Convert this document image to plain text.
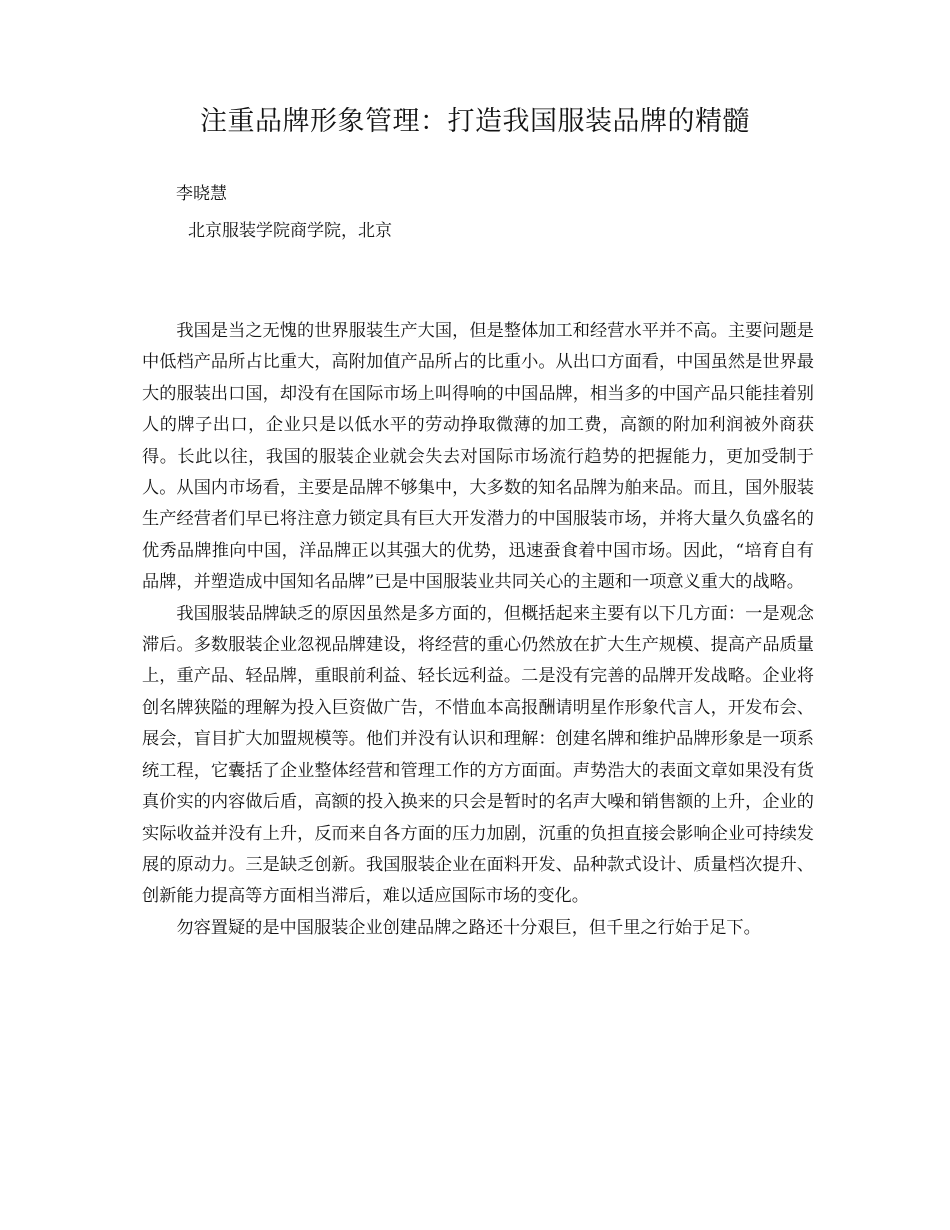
注重品牌形象管理：打造我国服装品牌的精髓

李晓慧

北京服装学院商学院，北京

我国是当之无愧的世界服装生产大国，但是整体加工和经营水平并不高。主要问题是中低档产品所占比重大，高附加值产品所占的比重小。从出口方面看，中国虽然是世界最大的服装出口国，却没有在国际市场上叫得响的中国品牌，相当多的中国产品只能挂着别人的牌子出口，企业只是以低水平的劳动挣取微薄的加工费，高额的附加利润被外商获得。长此以往，我国的服装企业就会失去对国际市场流行趋势的把握能力，更加受制于人。从国内市场看，主要是品牌不够集中，大多数的知名品牌为舶来品。而且，国外服装生产经营者们早已将注意力锁定具有巨大开发潜力的中国服装市场，并将大量久负盛名的优秀品牌推向中国，洋品牌正以其强大的优势，迅速蚕食着中国市场。因此，“培育自有品牌，并塑造成中国知名品牌”已是中国服装业共同关心的主题和一项意义重大的战略。

我国服装品牌缺乏的原因虽然是多方面的，但概括起来主要有以下几方面：一是观念滞后。多数服装企业忽视品牌建设，将经营的重心仍然放在扩大生产规模、提高产品质量上，重产品、轻品牌，重眼前利益、轻长远利益。二是没有完善的品牌开发战略。企业将创名牌狭隘的理解为投入巨资做广告，不惜血本高报酬请明星作形象代言人，开发布会、展会，盲目扩大加盟规模等。他们并没有认识和理解：创建名牌和维护品牌形象是一项系统工程，它囊括了企业整体经营和管理工作的方方面面。声势浩大的表面文章如果没有货真价实的内容做后盾，高额的投入换来的只会是暂时的名声大噪和销售额的上升，企业的实际收益并没有上升，反而来自各方面的压力加剧，沉重的负担直接会影响企业可持续发展的原动力。三是缺乏创新。我国服装企业在面料开发、品种款式设计、质量档次提升、创新能力提高等方面相当滞后，难以适应国际市场的变化。

勿容置疑的是中国服装企业创建品牌之路还十分艰巨，但千里之行始于足下。
